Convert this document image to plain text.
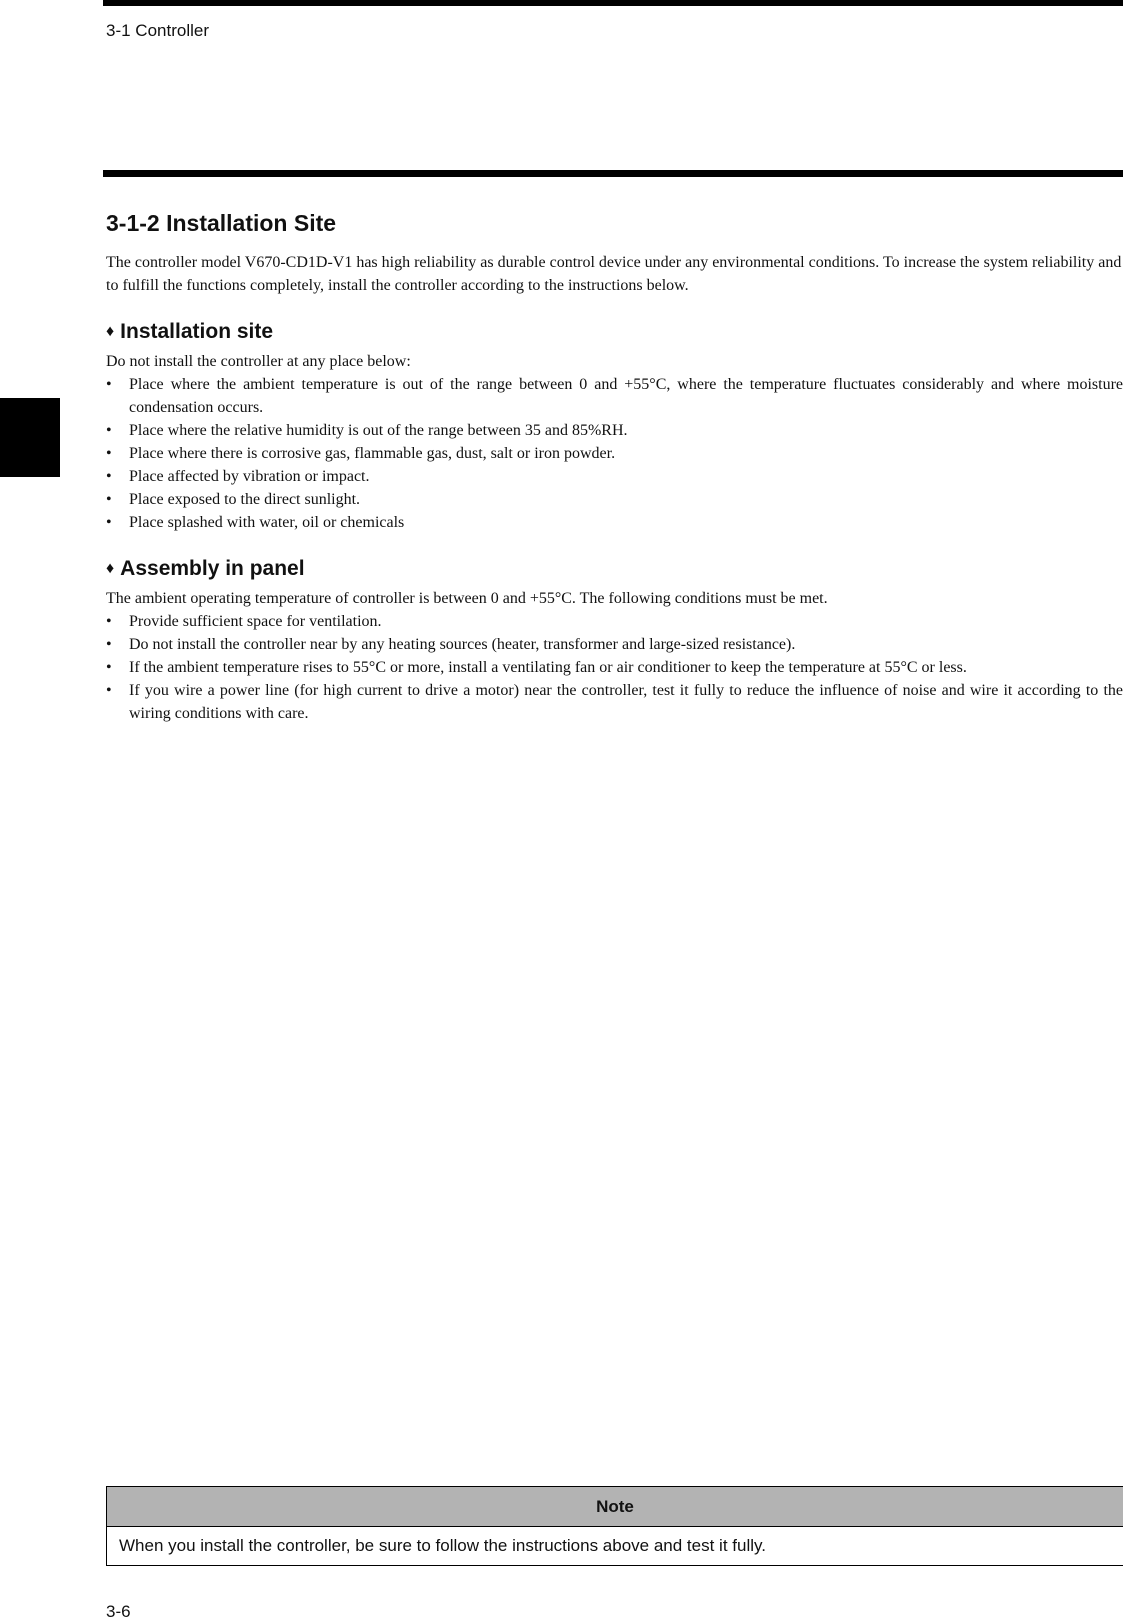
3-1 Controller
3-1-2 Installation Site

The controller model V670-CD1D-V1 has high reliability as durable control device under any environmental conditions. To increase the system reliability and to fulfill the functions completely, install the controller according to the instructions below.

♦ Installation site

Do not install the controller at any place below:

• Place where the ambient temperature is out of the range between 0 and +55°C, where the temperature fluctuates considerably and where moisture condensation occurs.
• Place where the relative humidity is out of the range between 35 and 85%RH.
• Place where there is corrosive gas, flammable gas, dust, salt or iron powder.
• Place affected by vibration or impact.
• Place exposed to the direct sunlight.
• Place splashed with water, oil or chemicals
♦ Assembly in panel

The ambient operating temperature of controller is between 0 and +55°C. The following conditions must be met.

• Provide sufficient space for ventilation.
• Do not install the controller near by any heating sources (heater, transformer and large-sized resistance).
• If the ambient temperature rises to 55°C or more, install a ventilating fan or air conditioner to keep the temperature at 55°C or less.
• If you wire a power line (for high current to drive a motor) near the controller, test it fully to reduce the influence of noise and wire it according to the wiring conditions with care.
Note
When you install the controller, be sure to follow the instructions above and test it fully.
3-6
